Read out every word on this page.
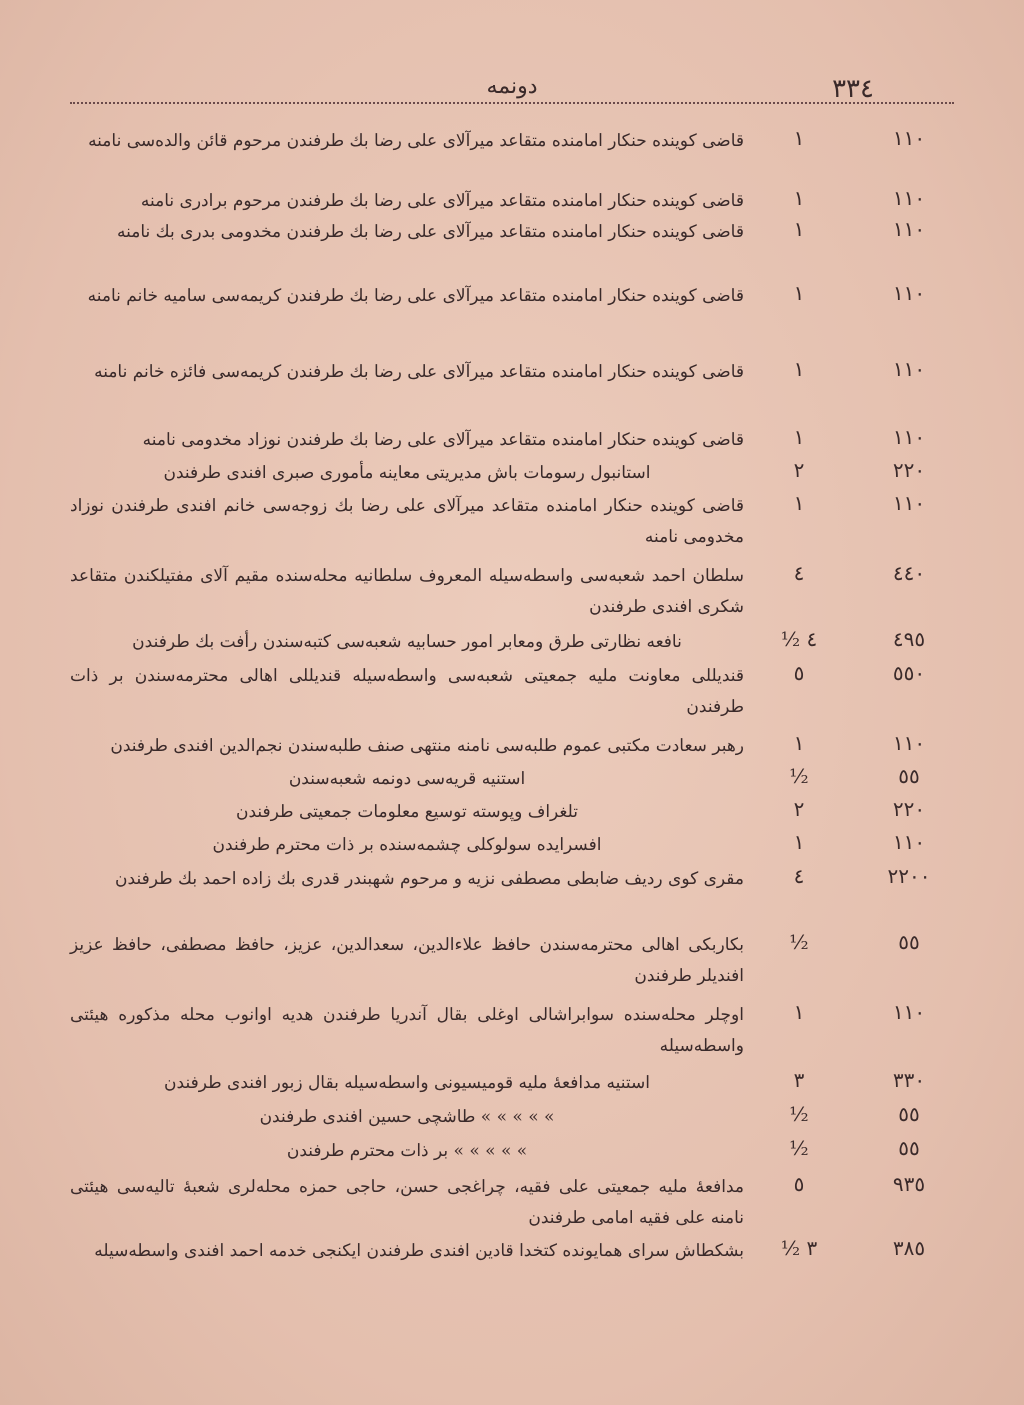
٣٣٤
دونمه
١١٠
١
قاضی کوینده حنکار امامنده متقاعد میرآلای علی رضا بك طرفندن مرحوم قائن والده‌سی نامنه
١١٠
١
قاضی کوینده حنکار امامنده متقاعد میرآلای علی رضا بك طرفندن مرحوم برادری نامنه
١١٠
١
قاضی کوینده حنکار امامنده متقاعد میرآلای علی رضا بك طرفندن مخدومی بدری بك نامنه
١١٠
١
قاضی کوینده حنکار امامنده متقاعد میرآلای علی رضا بك طرفندن کریمه‌سی سامیه خانم نامنه
١١٠
١
قاضی کوینده حنکار امامنده متقاعد میرآلای علی رضا بك طرفندن کریمه‌سی فائزه خانم نامنه
١١٠
١
قاضی کوینده حنکار امامنده متقاعد میرآلای علی رضا بك طرفندن نوزاد مخدومی نامنه
٢٢٠
٢
استانبول رسومات باش مدیریتی معاینه مأموری صبری افندی طرفندن
١١٠
١
قاضی کوینده حنکار امامنده متقاعد میرآلای علی رضا بك زوجه‌سی خانم افندی طرفندن نوزاد مخدومی نامنه
٤٤٠
٤
سلطان احمد شعبه‌سی واسطه‌سیله المعروف سلطانیه محله‌سنده مقیم آلای مفتیلکندن متقاعد شکری افندی طرفندن
٤٩٥
٤ ½
نافعه نظارتی طرق ومعابر امور حسابیه شعبه‌سی کتبه‌سندن رأفت بك طرفندن
٥٥٠
٥
قندیللی معاونت ملیه جمعیتی شعبه‌سی واسطه‌سیله قندیللی اهالی محترمه‌سندن بر ذات طرفندن
١١٠
١
رهبر سعادت مکتبی عموم طلبه‌سی نامنه منتهی صنف طلبه‌سندن نجم‌الدین افندی طرفندن
٥٥
½
استنیه قریه‌سی دونمه شعبه‌سندن
٢٢٠
٢
تلغراف وپوسته توسیع معلومات جمعیتی طرفندن
١١٠
١
افسرایده سولوکلی چشمه‌سنده بر ذات محترم طرفندن
٢٢٠٠
٤
مقری کوی ردیف ضابطی مصطفی نزیه و مرحوم شهبندر قدری بك زاده احمد بك طرفندن
٥٥
½
بکاربکی اهالی محترمه‌سندن حافظ علاءالدین، سعدالدین، عزیز، حافظ مصطفی، حافظ عزیز افندیلر طرفندن
١١٠
١
اوچلر محله‌سنده سوابراشالی اوغلی بقال آندریا طرفندن هدیه اوانوب محله مذکوره هیئتی واسطه‌سیله
٣٣٠
٣
استنیه مدافعهٔ ملیه قومیسیونی واسطه‌سیله بقال زبور افندی طرفندن
٥٥
½
» » » » » طاشچی حسین افندی طرفندن
٥٥
½
» » » » » بر ذات محترم طرفندن
٩٣٥
٥
مدافعهٔ ملیه جمعیتی علی فقیه، چراغجی حسن، حاجی حمزه محله‌لری شعبهٔ تالیه‌سی هیئتی نامنه علی فقیه امامی طرفندن
٣٨٥
٣ ½
بشکطاش سرای همایونده کتخدا قادین افندی طرفندن ایکنجی خدمه احمد افندی واسطه‌سیله
